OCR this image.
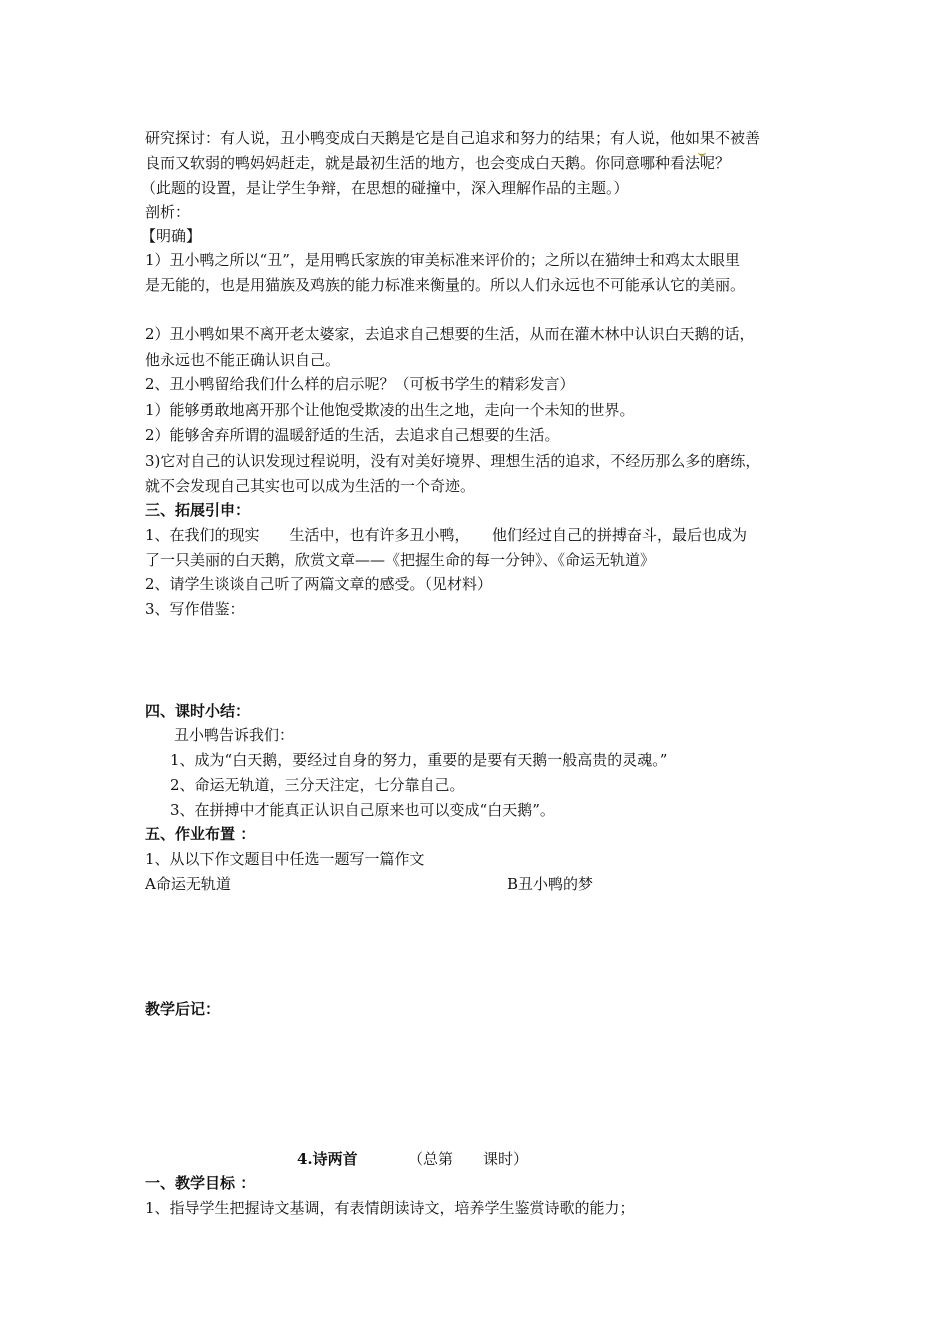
研究探讨：有人说，丑小鸭变成白天鹅是它是自己追求和努力的结果；有人说，他如果不被善
良而又软弱的鸭妈妈赶走，就是最初生活的地方，也会变成白天鹅。你同意哪种看法呢？
（此题的设置，是让学生争辩，在思想的碰撞中，深入理解作品的主题。）
剖析：
【明确】
1）丑小鸭之所以“丑”，是用鸭氏家族的审美标准来评价的；之所以在猫绅士和鸡太太眼里
是无能的，也是用猫族及鸡族的能力标准来衡量的。所以人们永远也不可能承认它的美丽。
2）丑小鸭如果不离开老太婆家，去追求自己想要的生活，从而在灌木林中认识白天鹅的话，
他永远也不能正确认识自己。
2、丑小鸭留给我们什么样的启示呢？（可板书学生的精彩发言）
1）能够勇敢地离开那个让他饱受欺凌的出生之地，走向一个未知的世界。
2）能够舍弃所谓的温暖舒适的生活，去追求自己想要的生活。
3)它对自己的认识发现过程说明，没有对美好境界、理想生活的追求，不经历那么多的磨练，
就不会发现自己其实也可以成为生活的一个奇迹。
三、拓展引申：
1、在我们的现实　　生活中，也有许多丑小鸭，　　他们经过自己的拼搏奋斗，最后也成为
了一只美丽的白天鹅，欣赏文章——《把握生命的每一分钟》、《命运无轨道》
2、请学生谈谈自己听了两篇文章的感受。（见材料）
3、写作借鉴：
四、课时小结：
丑小鸭告诉我们：
1、成为“白天鹅，要经过自身的努力，重要的是要有天鹅一般高贵的灵魂。”
2、命运无轨道，三分天注定，七分靠自己。
3、在拼搏中才能真正认识自己原来也可以变成“白天鹅”。
五、作业布置 ：
1、从以下作文题目中任选一题写一篇作文
A命运无轨道	B丑小鸭的梦
教学后记：
4.诗两首	（总第　　课时）
一、教学目标 ：
1、指导学生把握诗文基调，有表情朗读诗文，培养学生鉴赏诗歌的能力；
